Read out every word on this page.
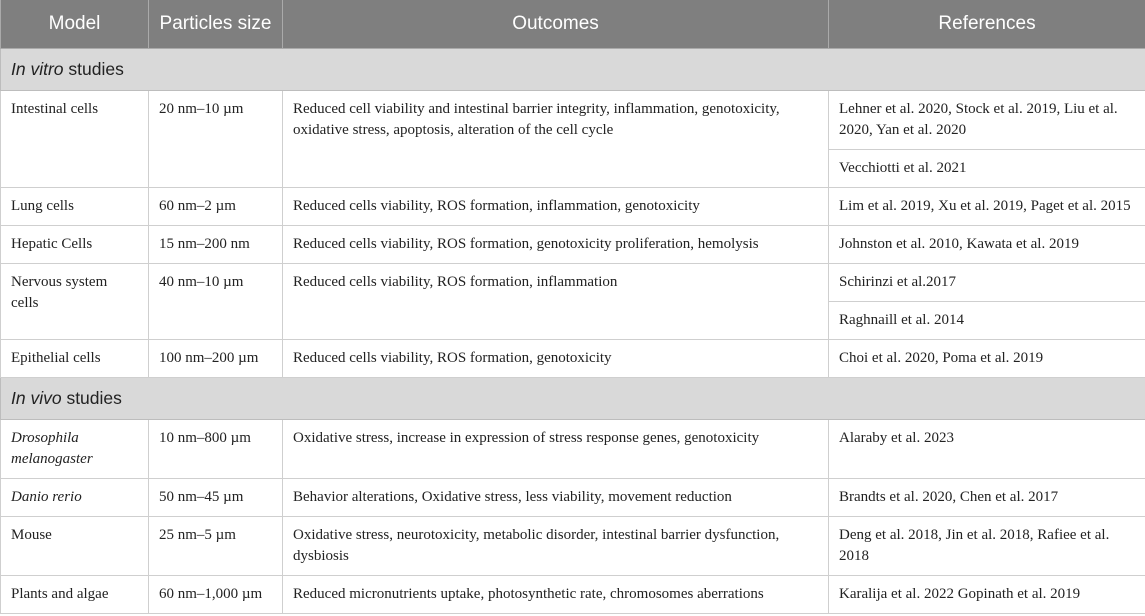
Model	Particles size	Outcomes	References
In vitro studies			
Intestinal cells	20 nm–10 µm	Reduced cell viability and intestinal barrier integrity, inflammation, genotoxicity, oxidative stress, apoptosis, alteration of the cell cycle	Lehner et al. 2020, Stock et al. 2019, Liu et al. 2020, Yan et al. 2020
			Vecchiotti et al. 2021
Lung cells	60 nm–2 µm	Reduced cells viability, ROS formation, inflammation, genotoxicity	Lim et al. 2019, Xu et al. 2019, Paget et al. 2015
Hepatic Cells	15 nm–200 nm	Reduced cells viability, ROS formation, genotoxicity proliferation, hemolysis	Johnston et al. 2010, Kawata et al. 2019
Nervous system cells	40 nm–10 µm	Reduced cells viability, ROS formation, inflammation	Schirinzi et al.2017
			Raghnaill et al. 2014
Epithelial cells	100 nm–200 µm	Reduced cells viability, ROS formation, genotoxicity	Choi et al. 2020, Poma et al. 2019
In vivo studies			
Drosophila melanogaster	10 nm–800 µm	Oxidative stress, increase in expression of stress response genes, genotoxicity	Alaraby et al. 2023
Danio rerio	50 nm–45 µm	Behavior alterations, Oxidative stress, less viability, movement reduction	Brandts et al. 2020, Chen et al. 2017
Mouse	25 nm–5 µm	Oxidative stress, neurotoxicity, metabolic disorder, intestinal barrier dysfunction, dysbiosis	Deng et al. 2018, Jin et al. 2018, Rafiee et al. 2018
Plants and algae	60 nm–1,000 µm	Reduced micronutrients uptake, photosynthetic rate, chromosomes aberrations	Karalija et al. 2022 Gopinath et al. 2019
